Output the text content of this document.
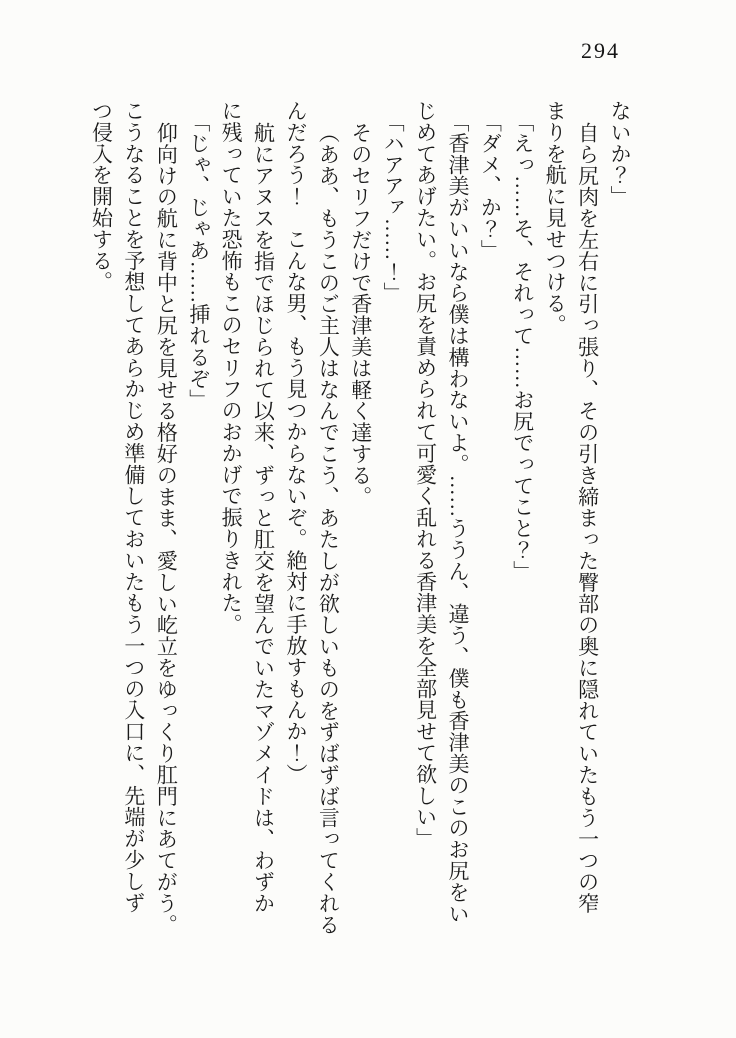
294

ないか？」

自ら尻肉を左右に引っ張り、その引き締まった臀部の奥に隠れていたもう一つの窄

まりを航に見せつける。

「えっ……そ、それって……お尻でってこと？」

「ダメ、か？」

「香津美がいいなら僕は構わないよ。……ううん、違う、僕も香津美のこのお尻をい

じめてあげたい。お尻を責められて可愛く乱れる香津美を全部見せて欲しい」

「ハアアァ……！」

そのセリフだけで香津美は軽く達する。

（ああ、もうこのご主人はなんでこう、あたしが欲しいものをずばずば言ってくれる

んだろう！　こんな男、もう見つからないぞ。絶対に手放すもんか！）

航にアヌスを指でほじられて以来、ずっと肛交を望んでいたマゾメイドは、わずか

に残っていた恐怖もこのセリフのおかげで振りきれた。

「じゃ、じゃあ……挿れるぞ」

仰向けの航に背中と尻を見せる格好のまま、愛しい屹立をゆっくり肛門にあてがう。

こうなることを予想してあらかじめ準備しておいたもう一つの入口に、先端が少しず

つ侵入を開始する。
